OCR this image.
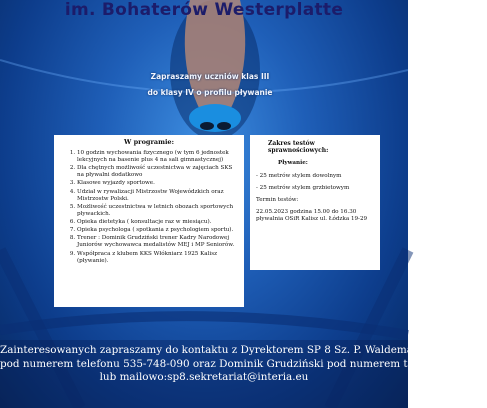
im. Bohaterów Westerplatte
Zapraszamy uczniów klas III
do klasy IV o profilu pływanie
W programie:
1. 10 godzin wychowania fizycznego (w tym 6 jednostek lekcyjnych na basenie plus 4 na sali gimnastycznej)
2. Dla chętnych możliwość uczestnictwa w zajęciach SKS na pływalni dodatkowo
3. Klasowe wyjazdy sportowe.
4. Udział w rywalizacji Mistrzostw Wojewódzkich oraz Mistrzostw Polski.
5. Możliwość uczestnictwa w letnich obozach sportowych pływackich.
6. Opieka dietetyka ( konsultacje raz w miesiącu).
7. Opieka psychologa ( spotkania z psychologiem sportu).
8. Trener : Dominik Grudziński trener Kadry Narodowej Juniorów wychowawca medalistów MEJ i MP Seniorów.
9. Współpraca z klubem KKS Włókniarz 1925 Kalisz (pływanie).
Zakres testów sprawnościowych:
Pływanie:

- 25 metrów stylem dowolnym

- 25 metrów stylem grzbietowym

Termin testów:

22.05.2023 godzina 15.00 do 16.30 pływalnia OSiR Kalisz ul. Łódzka 19-29

Zainteresowanych zapraszamy do kontaktu z Dyrektorem SP 8 Sz. P. Waldemar Olszyna
pod numerem telefonu 535-748-090 oraz Dominik Grudziński pod numerem tel 504-204-354
lub mailowo:sp8.sekretariat@interia.eu
